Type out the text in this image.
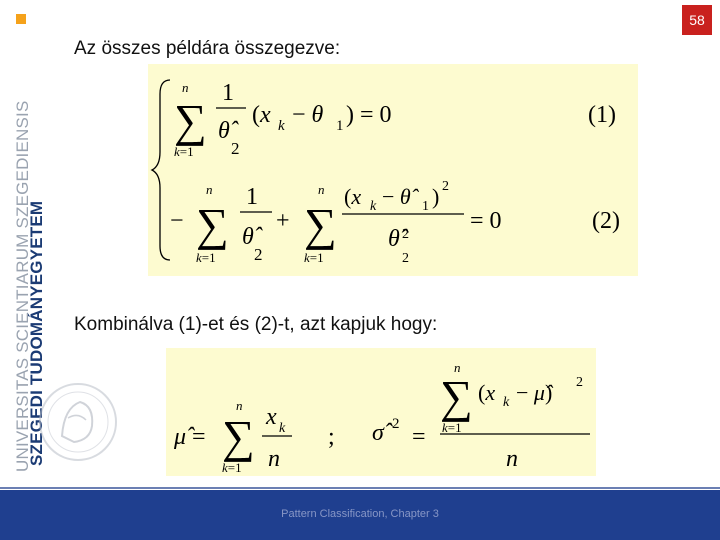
SZEGEDI TUDOMÁNYEGYETEM
UNIVERSITAS SCIENTIARUM SZEGEDIENSIS
58
Az összes példára összegezve:
n
∑
k=1
1
θ̂
2
(x k − θ 1 ) = 0	(1)
n
− ∑
k=1
1
θ̂
2
+
n
∑
k=1
(x k − θ̂ 1 ) 2
θ̂ 2
2
= 0	(2)
Kombinálva (1)-et és (2)-t, azt kapjuk hogy:
μ̂ =
n
∑
k=1
x k
n
; σ̂ 2 =
n
∑
k=1
(x k − μ̂) 2
n
Pattern Classification, Chapter 3
